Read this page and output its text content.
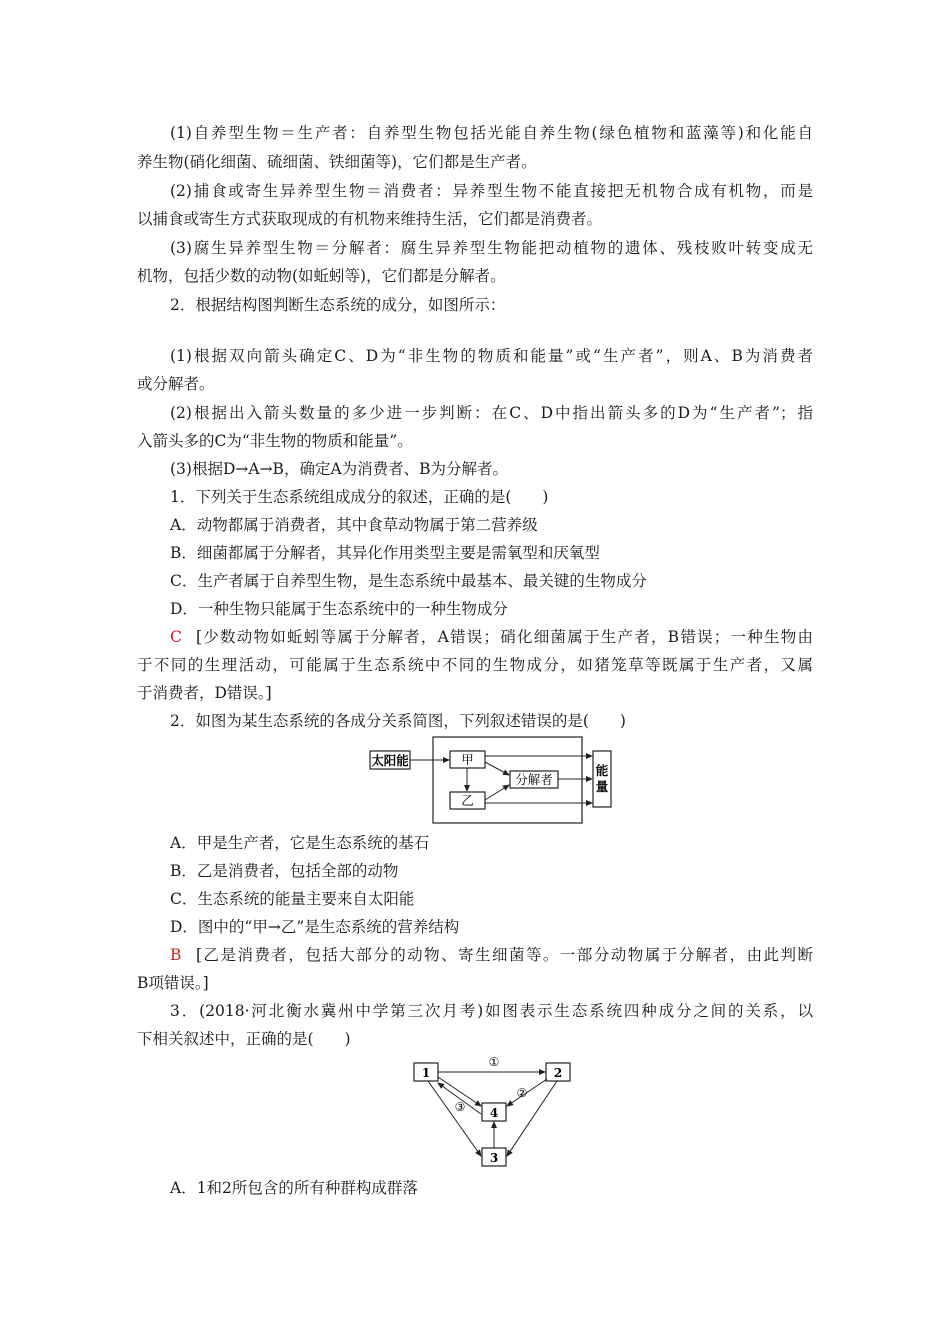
(1)自养型生物＝生产者：自养型生物包括光能自养生物(绿色植物和蓝藻等)和化能自
养生物(硝化细菌、硫细菌、铁细菌等)，它们都是生产者。
(2)捕食或寄生异养型生物＝消费者：异养型生物不能直接把无机物合成有机物，而是
以捕食或寄生方式获取现成的有机物来维持生活，它们都是消费者。
(3)腐生异养型生物＝分解者：腐生异养型生物能把动植物的遗体、残枝败叶转变成无
机物，包括少数的动物(如蚯蚓等)，它们都是分解者。
2．根据结构图判断生态系统的成分，如图所示：
(1)根据双向箭头确定C、D为“非生物的物质和能量”或“生产者”，则A、B为消费者
或分解者。
(2)根据出入箭头数量的多少进一步判断：在C、D中指出箭头多的D为“生产者”；指
入箭头多的C为“非生物的物质和能量”。
(3)根据D→A→B，确定A为消费者、B为分解者。
1．下列关于生态系统组成成分的叙述，正确的是(　　)
A．动物都属于消费者，其中食草动物属于第二营养级
B．细菌都属于分解者，其异化作用类型主要是需氧型和厌氧型
C．生产者属于自养型生物，是生态系统中最基本、最关键的生物成分
D．一种生物只能属于生态系统中的一种生物成分
C [少数动物如蚯蚓等属于分解者，A错误；硝化细菌属于生产者，B错误；一种生物由
于不同的生理活动，可能属于生态系统中不同的生物成分，如猪笼草等既属于生产者，又属
于消费者，D错误。]
2．如图为某生态系统的各成分关系简图，下列叙述错误的是(　　)
太阳能	甲
乙
分解者
能
量
A．甲是生产者，它是生态系统的基石
B．乙是消费者，包括全部的动物
C．生态系统的能量主要来自太阳能
D．图中的“甲→乙”是生态系统的营养结构
B [乙是消费者，包括大部分的动物、寄生细菌等。一部分动物属于分解者，由此判断
B项错误。]
3．(2018·河北衡水冀州中学第三次月考)如图表示生态系统四种成分之间的关系，以
下相关叙述中，正确的是(　　)
1	2
4
3
①
②
③
A．1和2所包含的所有种群构成群落
